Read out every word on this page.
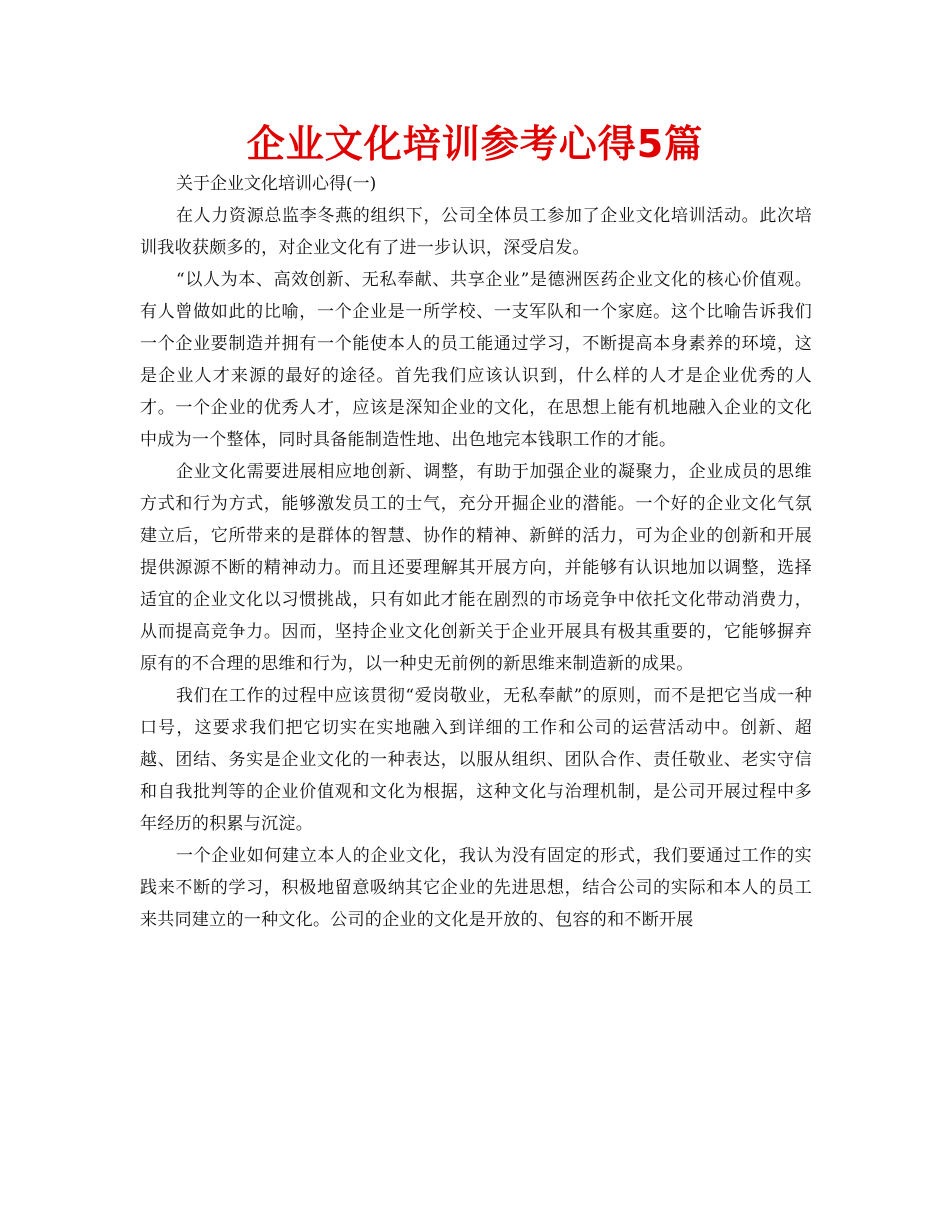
企业文化培训参考心得5篇

关于企业文化培训心得(一)

在人力资源总监李冬燕的组织下，公司全体员工参加了企业文化培训活动。此次培训我收获颇多的，对企业文化有了进一步认识，深受启发。

“以人为本、高效创新、无私奉献、共享企业”是德洲医药企业文化的核心价值观。有人曾做如此的比喻，一个企业是一所学校、一支军队和一个家庭。这个比喻告诉我们一个企业要制造并拥有一个能使本人的员工能通过学习，不断提高本身素养的环境，这是企业人才来源的最好的途径。首先我们应该认识到，什么样的人才是企业优秀的人才。一个企业的优秀人才，应该是深知企业的文化，在思想上能有机地融入企业的文化中成为一个整体，同时具备能制造性地、出色地完本钱职工作的才能。

企业文化需要进展相应地创新、调整，有助于加强企业的凝聚力，企业成员的思维方式和行为方式，能够激发员工的士气，充分开掘企业的潜能。一个好的企业文化气氛建立后，它所带来的是群体的智慧、协作的精神、新鲜的活力，可为企业的创新和开展提供源源不断的精神动力。而且还要理解其开展方向，并能够有认识地加以调整，选择适宜的企业文化以习惯挑战，只有如此才能在剧烈的市场竞争中依托文化带动消费力，从而提高竞争力。因而，坚持企业文化创新关于企业开展具有极其重要的，它能够摒弃原有的不合理的思维和行为，以一种史无前例的新思维来制造新的成果。

我们在工作的过程中应该贯彻“爱岗敬业，无私奉献”的原则，而不是把它当成一种口号，这要求我们把它切实在实地融入到详细的工作和公司的运营活动中。创新、超越、团结、务实是企业文化的一种表达，以服从组织、团队合作、责任敬业、老实守信和自我批判等的企业价值观和文化为根据，这种文化与治理机制，是公司开展过程中多年经历的积累与沉淀。

一个企业如何建立本人的企业文化，我认为没有固定的形式，我们要通过工作的实践来不断的学习，积极地留意吸纳其它企业的先进思想，结合公司的实际和本人的员工来共同建立的一种文化。公司的企业的文化是开放的、包容的和不断开展
